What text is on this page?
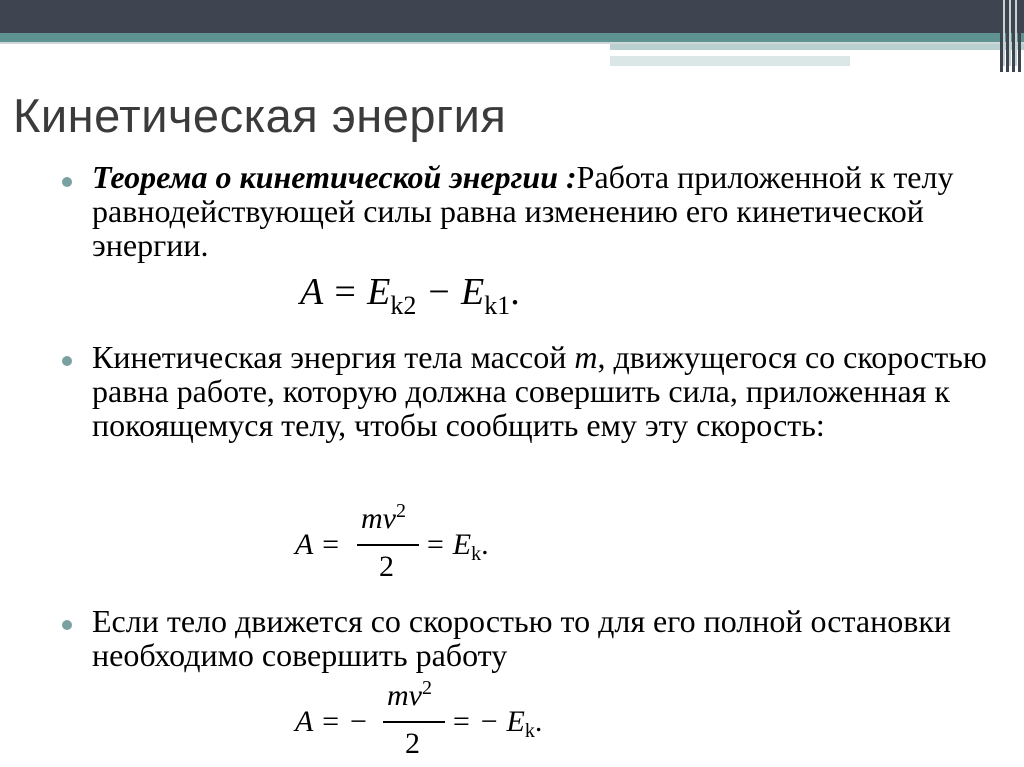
Кинетическая энергия
Теорема о кинетической энергии :Работа приложенной к телу равнодействующей силы равна изменению его кинетической энергии.
$A = E_{k2} - E_{k1}$.
Кинетическая энергия тела массой m, движущегося со скоростью равна работе, которую должна совершить сила, приложенная к покоящемуся телу, чтобы сообщить ему эту скорость:
A =
$mv^2$
2
= $E_k$.
Если тело движется со скоростью то для его полной остановки необходимо совершить работу
A = −
$mv^2$
2
= − $E_k$.
